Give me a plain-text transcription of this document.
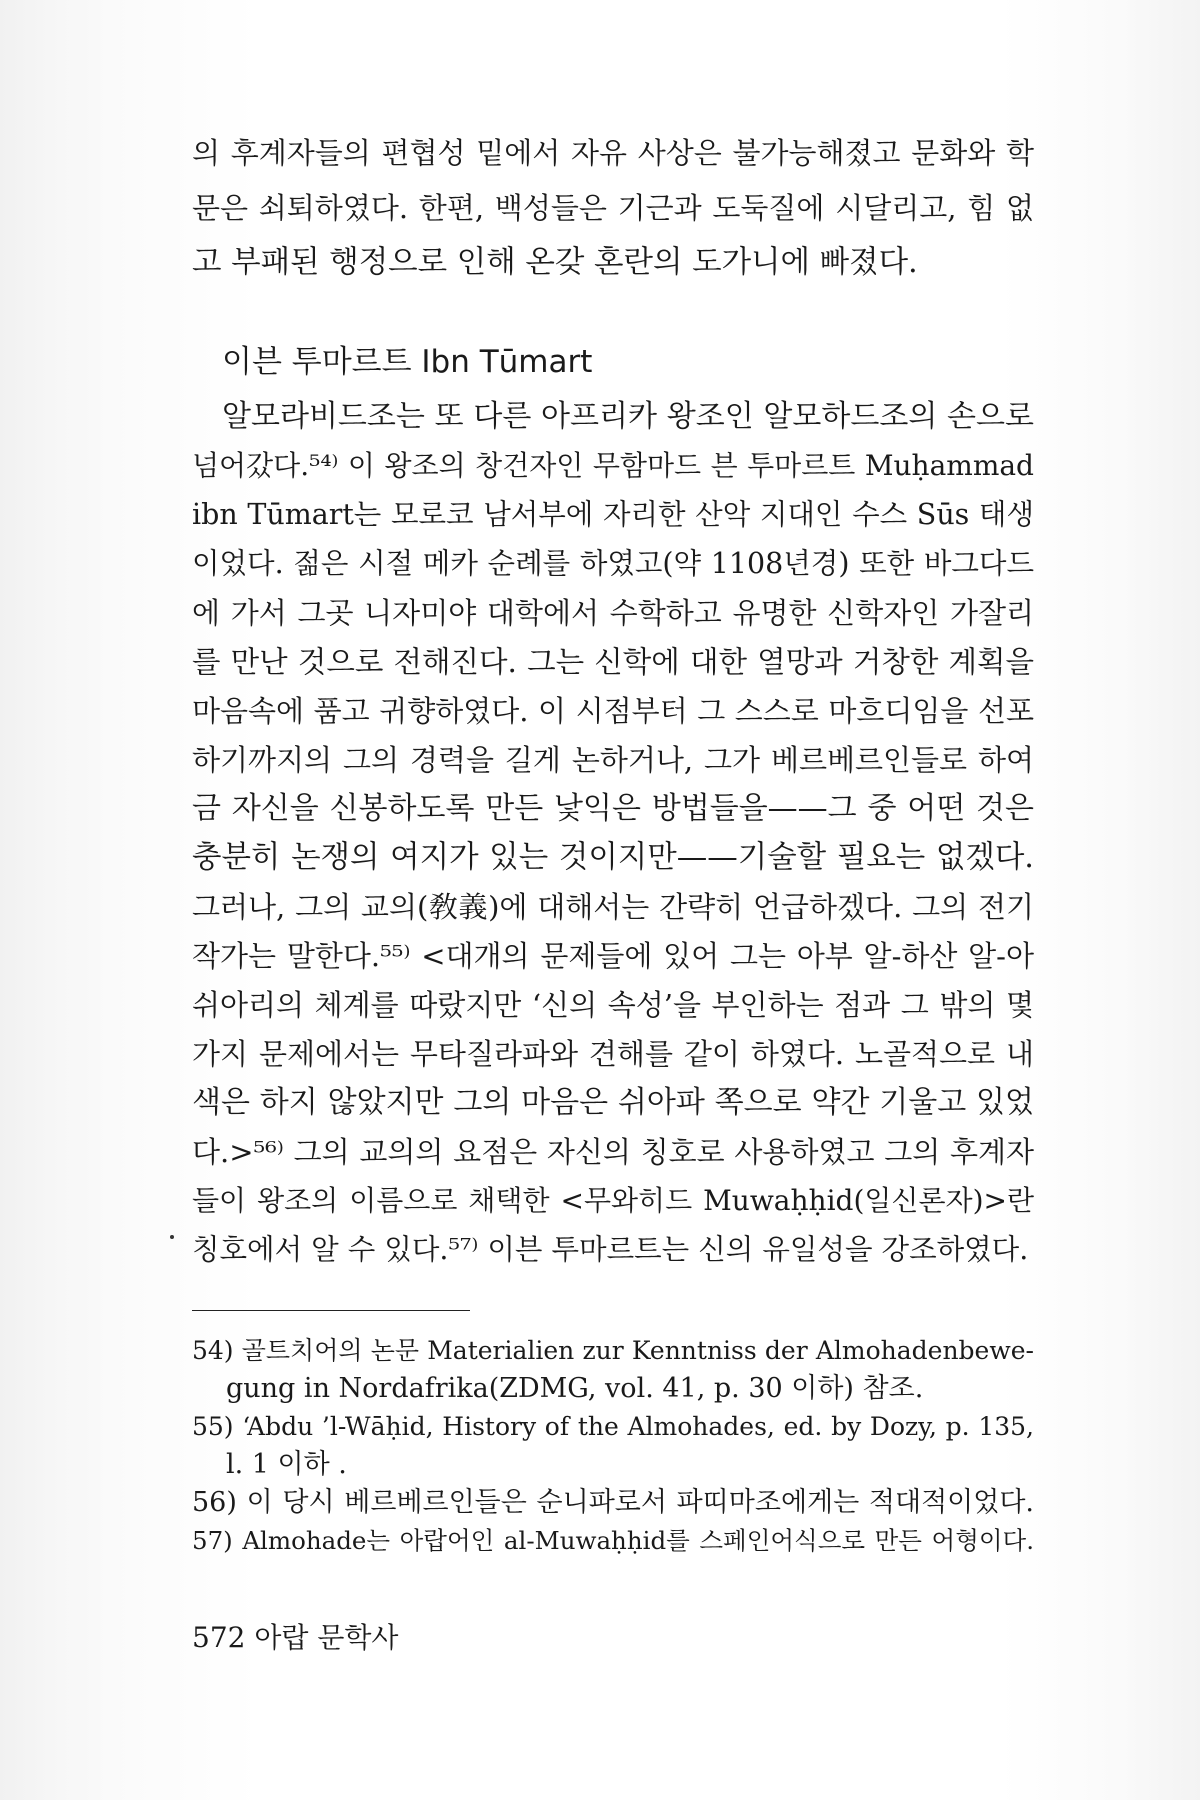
의 후계자들의 편협성 밑에서 자유 사상은 불가능해졌고 문화와 학
문은 쇠퇴하였다. 한편, 백성들은 기근과 도둑질에 시달리고, 힘 없
고 부패된 행정으로 인해 온갖 혼란의 도가니에 빠졌다.
이븐 투마르트 Ibn Tūmart
알모라비드조는 또 다른 아프리카 왕조인 알모하드조의 손으로
넘어갔다.⁵⁴⁾ 이 왕조의 창건자인 무함마드 븐 투마르트 Muḥammad
ibn Tūmart는 모로코 남서부에 자리한 산악 지대인 수스 Sūs 태생
이었다. 젊은 시절 메카 순례를 하였고(약 1108년경) 또한 바그다드
에 가서 그곳 니자미야 대학에서 수학하고 유명한 신학자인 가잘리
를 만난 것으로 전해진다. 그는 신학에 대한 열망과 거창한 계획을
마음속에 품고 귀향하였다. 이 시점부터 그 스스로 마흐디임을 선포
하기까지의 그의 경력을 길게 논하거나, 그가 베르베르인들로 하여
금 자신을 신봉하도록 만든 낯익은 방법들을——그 중 어떤 것은
충분히 논쟁의 여지가 있는 것이지만——기술할 필요는 없겠다.
그러나, 그의 교의(敎義)에 대해서는 간략히 언급하겠다. 그의 전기
작가는 말한다.⁵⁵⁾ <대개의 문제들에 있어 그는 아부 알-하산 알-아
쉬아리의 체계를 따랐지만 ‘신의 속성’을 부인하는 점과 그 밖의 몇
가지 문제에서는 무타질라파와 견해를 같이 하였다. 노골적으로 내
색은 하지 않았지만 그의 마음은 쉬아파 쪽으로 약간 기울고 있었
다.>⁵⁶⁾ 그의 교의의 요점은 자신의 칭호로 사용하였고 그의 후계자
들이 왕조의 이름으로 채택한 <무와히드 Muwaḥḥid(일신론자)>란
칭호에서 알 수 있다.⁵⁷⁾ 이븐 투마르트는 신의 유일성을 강조하였다.
54) 골트치어의 논문 Materialien zur Kenntniss der Almohadenbewe-
gung in Nordafrika(ZDMG, vol. 41, p. 30 이하) 참조.
55) ‘Abdu ’l-Wāḥid, History of the Almohades, ed. by Dozy, p. 135,
l. 1 이하 .
56) 이 당시 베르베르인들은 순니파로서 파띠마조에게는 적대적이었다.
57) Almohade는 아랍어인 al-Muwaḥḥid를 스페인어식으로 만든 어형이다.
572 아랍 문학사
